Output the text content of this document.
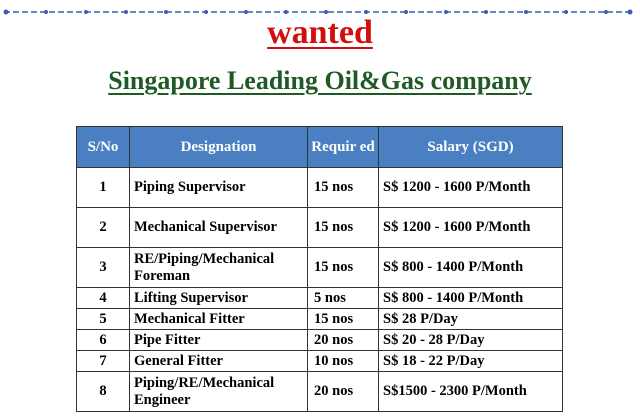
wanted
Singapore Leading Oil&Gas company
S/No	Designation	Requir ed	Salary (SGD)
1	Piping Supervisor	15 nos	S$ 1200 - 1600 P/Month
2	Mechanical Supervisor	15 nos	S$ 1200 - 1600 P/Month
3	RE/Piping/Mechanical Foreman	15 nos	S$ 800 - 1400 P/Month
4	Lifting Supervisor	5 nos	S$ 800 - 1400 P/Month
5	Mechanical Fitter	15 nos	S$ 28 P/Day
6	Pipe Fitter	20 nos	S$ 20 - 28 P/Day
7	General Fitter	10 nos	S$ 18 - 22 P/Day
8	Piping/RE/Mechanical Engineer	20 nos	S$1500 - 2300 P/Month
